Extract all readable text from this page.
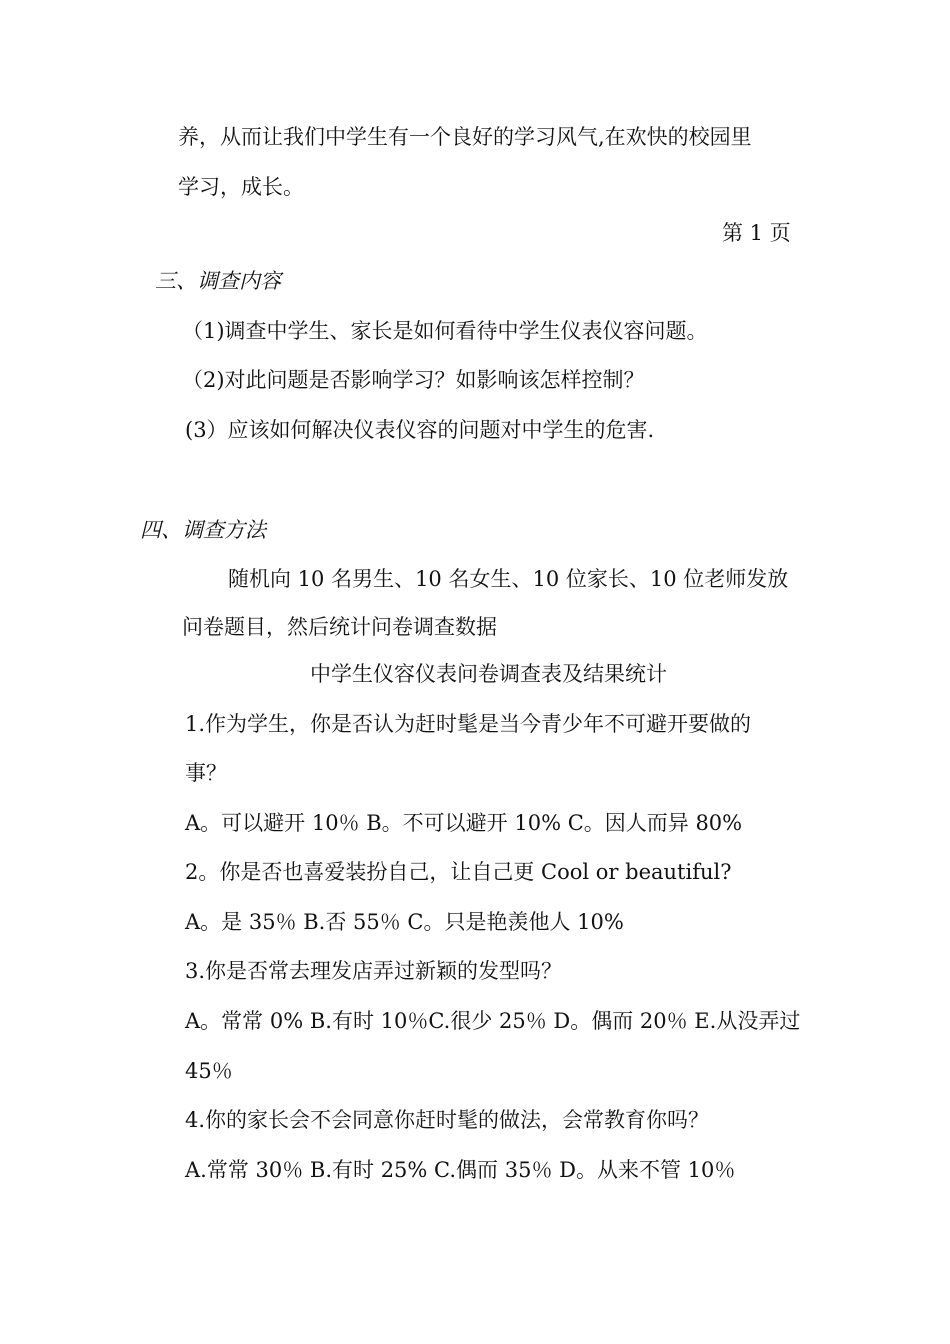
养，从而让我们中学生有一个良好的学习风气,在欢快的校园里
学习，成长。
第 1 页
三、调查内容
（1)调查中学生、家长是如何看待中学生仪表仪容问题。
（2)对此问题是否影响学习？如影响该怎样控制？
(3）应该如何解决仪表仪容的问题对中学生的危害.
四、调查方法
随机向 10 名男生、10 名女生、10 位家长、10 位老师发放
问卷题目，然后统计问卷调查数据
中学生仪容仪表问卷调查表及结果统计
1.作为学生，你是否认为赶时髦是当今青少年不可避开要做的
事？
A。可以避开 10％ B。不可以避开 10% C。因人而异 80%
2。你是否也喜爱装扮自己，让自己更 Cool or beautiful?
A。是 35％ B.否 55％ C。只是艳羡他人 10%
3.你是否常去理发店弄过新颖的发型吗？
A。常常 0% B.有时 10％C.很少 25％ D。偶而 20％ E.从没弄过
45％
4.你的家长会不会同意你赶时髦的做法，会常教育你吗？
A.常常 30％ B.有时 25% C.偶而 35％ D。从来不管 10％
